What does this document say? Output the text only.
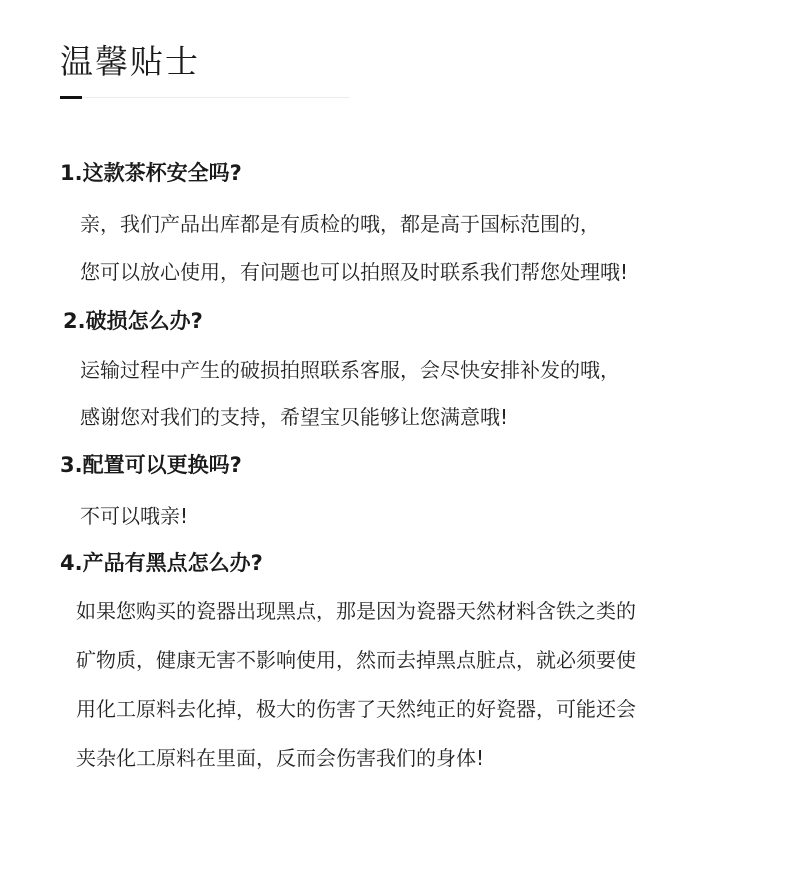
温馨贴士
1.这款茶杯安全吗?

亲，我们产品出库都是有质检的哦，都是高于国标范围的，

您可以放心使用，有问题也可以拍照及时联系我们帮您处理哦!

2.破损怎么办?

运输过程中产生的破损拍照联系客服，会尽快安排补发的哦，

感谢您对我们的支持，希望宝贝能够让您满意哦!

3.配置可以更换吗?

不可以哦亲!

4.产品有黑点怎么办?

如果您购买的瓷器出现黑点，那是因为瓷器天然材料含铁之类的

矿物质，健康无害不影响使用，然而去掉黑点脏点，就必须要使

用化工原料去化掉，极大的伤害了天然纯正的好瓷器，可能还会

夹杂化工原料在里面，反而会伤害我们的身体!
